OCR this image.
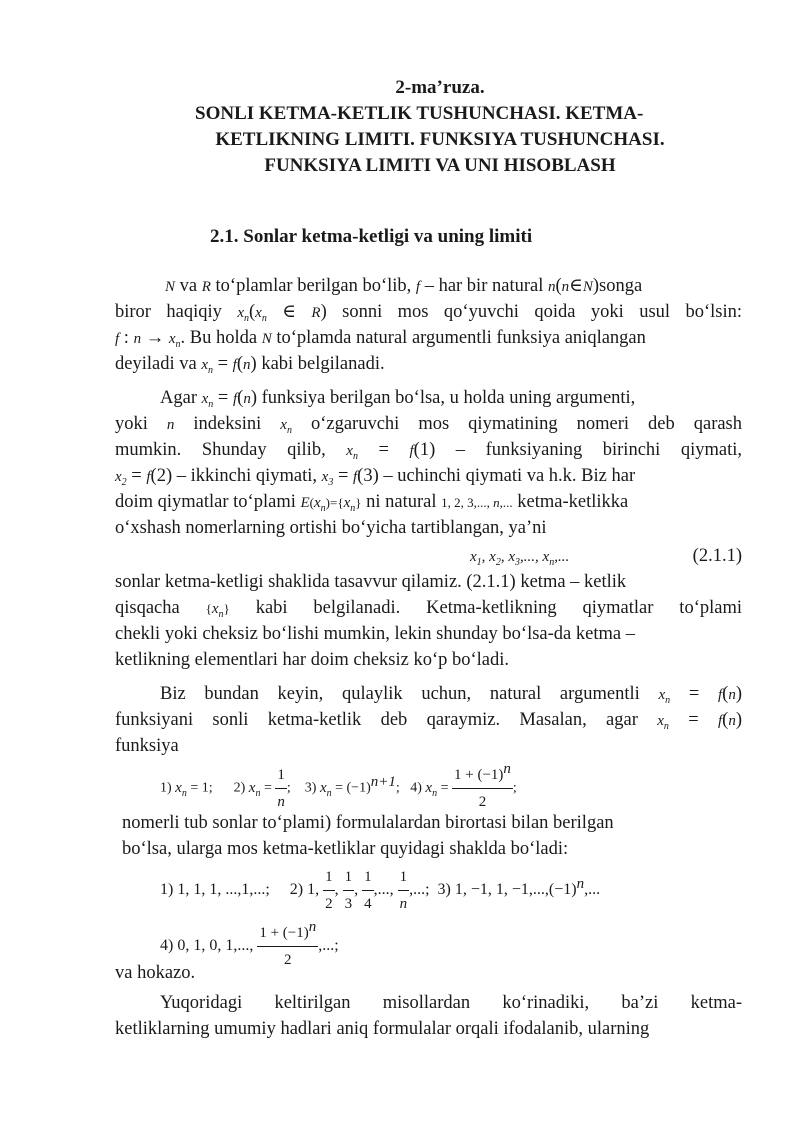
2-ma’ruza.
SONLI KETMA-KETLIK TUSHUNCHASI. KETMA-
KETLIKNING LIMITI. FUNKSIYA TUSHUNCHASI.
FUNKSIYA LIMITI VA UNI HISOBLASH
2.1. Sonlar ketma-ketligi va uning limiti
N va R to‘plamlar berilgan bo‘lib, f – har bir natural n(n∈N)songa
biror haqiqiy $x_n(x_n$ ∈ R) sonni mos qo‘yuvchi qoida yoki usul bo‘lsin:
f : $n \to x_n$. Bu holda N to‘plamda natural argumentli funksiya aniqlangan
deyiladi va $x_n = f(n)$ kabi belgilanadi.
Agar $x_n = f(n)$ funksiya berilgan bo‘lsa, u holda uning argumenti,
yoki n indeksini $x_n$ o‘zgaruvchi mos qiymatining nomeri deb qarash
mumkin. Shunday qilib, $x_n = f(1)$ – funksiyaning birinchi qiymati,
$x_2 = f(2)$ – ikkinchi qiymati, $x_3 = f(3)$ – uchinchi qiymati va h.k. Biz har
doim qiymatlar to‘plami $E(x_n)=\{x_n\}$ ni natural 1, 2, 3,..., n,... ketma-ketlikka
o‘xshash nomerlarning ortishi bo‘yicha tartiblangan, ya’ni
$x_1$, $x_2$, $x_3$,..., $x_n$,...	(2.1.1)
sonlar ketma-ketligi shaklida tasavvur qilamiz. (2.1.1) ketma – ketlik
qisqacha $\{x_n\}$ kabi belgilanadi. Ketma-ketlikning qiymatlar to‘plami
chekli yoki cheksiz bo‘lishi mumkin, lekin shunday bo‘lsa-da ketma –
ketlikning elementlari har doim cheksiz ko‘p bo‘ladi.
Biz bundan keyin, qulaylik uchun, natural argumentli $x_n = f(n)$
funksiyani sonli ketma-ketlik deb qaraymiz. Masalan, agar $x_n = f(n)$
funksiya
1) $x_n = 1$;      2) $x_n = \frac{1}{n}$ ;    3) $x_n = (-1)^{n+1}$;   4) $x_n = \frac{1 + (-1)^n}{2}$ ;
nomerli tub sonlar to‘plami) formulalardan birortasi bilan berilgan
bo‘lsa, ularga mos ketma-ketliklar quyidagi shaklda bo‘ladi:
1) 1, 1, 1, ...,1,...;     2) 1, $\frac{1}{2}$ , $\frac{1}{3}$ , $\frac{1}{4}$ ,..., $\frac{1}{n}$ ,...;  3) 1, −1, 1, $-1,...,(-1)^n$,...
4) 0, 1, 0, 1,..., $\frac{1 + (-1)^n}{2}$ ,...;
va hokazo.
Yuqoridagi keltirilgan misollardan ko‘rinadiki, ba’zi ketma-
ketliklarning umumiy hadlari aniq formulalar orqali ifodalanib, ularning
